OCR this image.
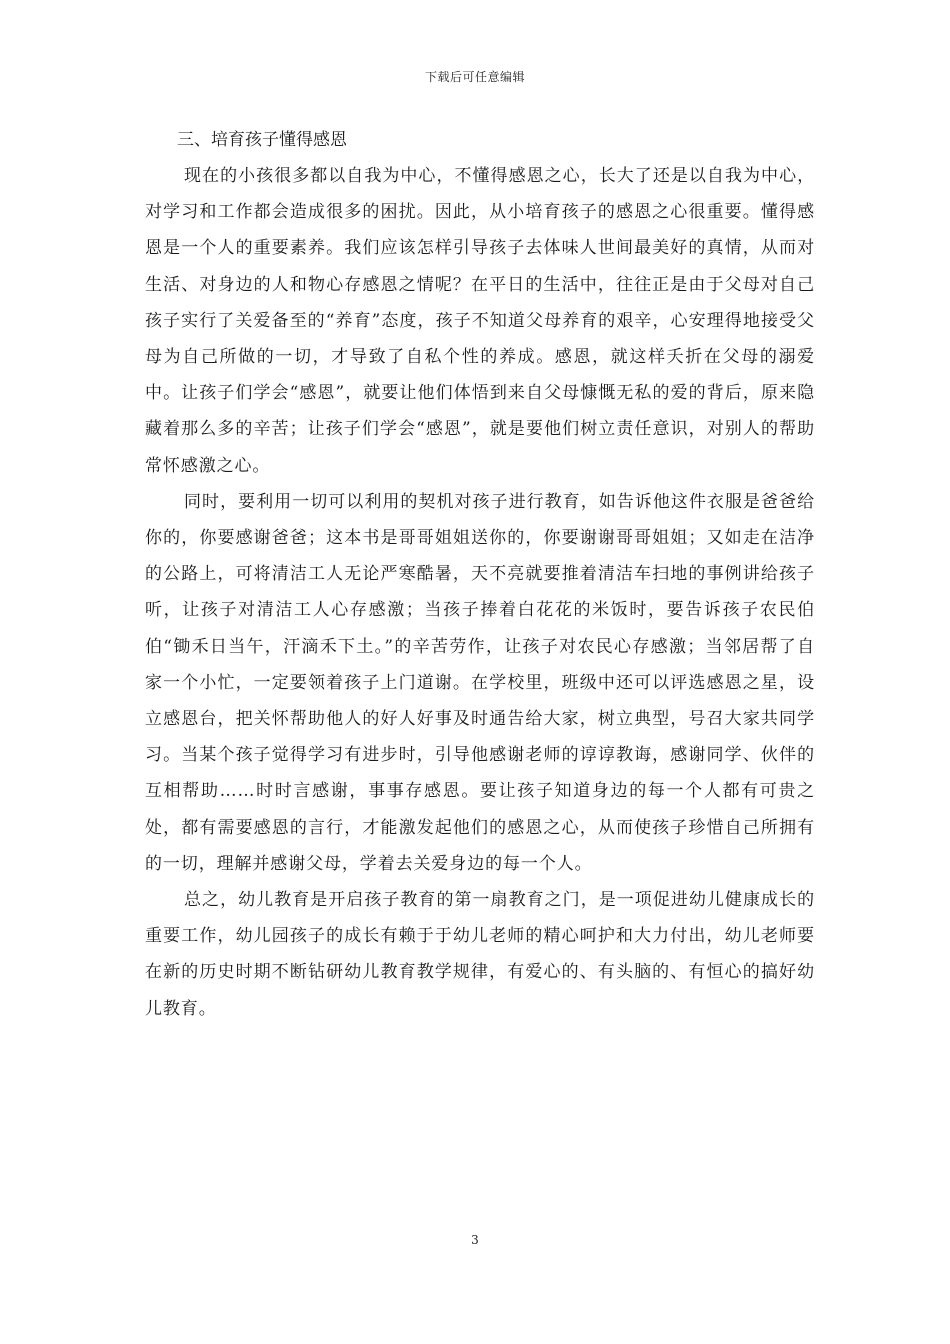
下载后可任意编辑

三、培育孩子懂得感恩

现在的小孩很多都以自我为中心，不懂得感恩之心，长大了还是以自我为中心，对学习和工作都会造成很多的困扰。因此，从小培育孩子的感恩之心很重要。懂得感恩是一个人的重要素养。我们应该怎样引导孩子去体味人世间最美好的真情，从而对生活、对身边的人和物心存感恩之情呢？在平日的生活中，往往正是由于父母对自己孩子实行了关爱备至的“养育”态度，孩子不知道父母养育的艰辛，心安理得地接受父母为自己所做的一切，才导致了自私个性的养成。感恩，就这样夭折在父母的溺爱中。让孩子们学会“感恩”，就要让他们体悟到来自父母慷慨无私的爱的背后，原来隐藏着那么多的辛苦；让孩子们学会“感恩”，就是要他们树立责任意识，对别人的帮助常怀感激之心。

同时，要利用一切可以利用的契机对孩子进行教育，如告诉他这件衣服是爸爸给你的，你要感谢爸爸；这本书是哥哥姐姐送你的，你要谢谢哥哥姐姐；又如走在洁净的公路上，可将清洁工人无论严寒酷暑，天不亮就要推着清洁车扫地的事例讲给孩子听，让孩子对清洁工人心存感激；当孩子捧着白花花的米饭时，要告诉孩子农民伯伯“锄禾日当午，汗滴禾下土。”的辛苦劳作，让孩子对农民心存感激；当邻居帮了自家一个小忙，一定要领着孩子上门道谢。在学校里，班级中还可以评选感恩之星，设立感恩台，把关怀帮助他人的好人好事及时通告给大家，树立典型，号召大家共同学习。当某个孩子觉得学习有进步时，引导他感谢老师的谆谆教诲，感谢同学、伙伴的互相帮助……时时言感谢，事事存感恩。要让孩子知道身边的每一个人都有可贵之处，都有需要感恩的言行，才能激发起他们的感恩之心，从而使孩子珍惜自己所拥有的一切，理解并感谢父母，学着去关爱身边的每一个人。

总之，幼儿教育是开启孩子教育的第一扇教育之门，是一项促进幼儿健康成长的重要工作，幼儿园孩子的成长有赖于于幼儿老师的精心呵护和大力付出，幼儿老师要在新的历史时期不断钻研幼儿教育教学规律，有爱心的、有头脑的、有恒心的搞好幼儿教育。

3
